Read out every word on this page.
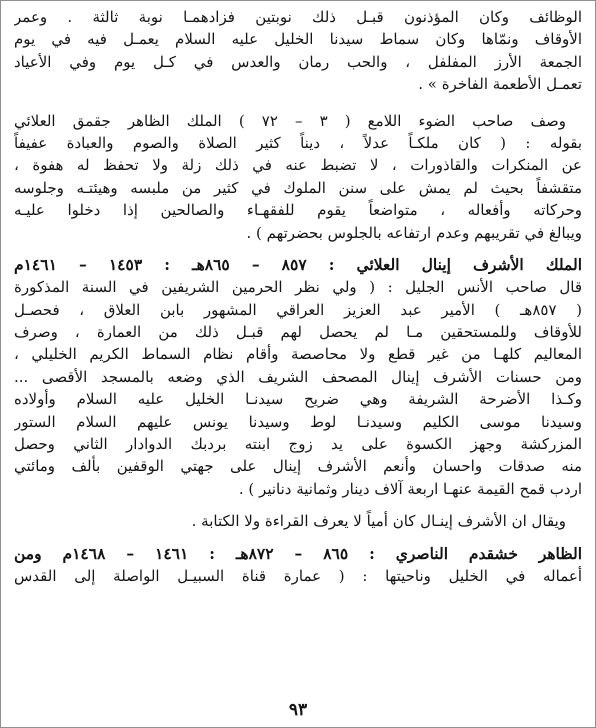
الوظائف وكان المؤذنون قبـل ذلك نوبتين فزادهمـا نوبة ثالثة . وعمر
الأوقاف ونمّاها وكان سماط سيدنا الخليل عليه السلام يعمـل فيه في يوم
الجمعة الأرز المفلفل ، والحب رمان والعدس في كـل يوم وفي الأعياد
تعمـل الأطعمة الفاخرة » .
وصف صاحب الضوء اللامع ( ٣ – ٧٢ ) الملك الظاهر جقمق العلائي
بقوله : ( كان ملكـاً عدلاً ، ديناً كثير الصلاة والصوم والعبادة عفيفاً
عن المنكرات والقاذورات ، لا تضبط عنه في ذلك زلة ولا تحفظ له هفوة ،
متقشفاً بحيث لم يمش على سنن الملوك في كثير من ملبسه وهيئتـه وجلوسه
وحركاته وأفعاله ، متواضعاً يقوم للفقهـاء والصالحين إذا دخلوا عليـه
ويبالغ في تقريبهم وعدم ارتفاعه بالجلوس بحضرتهم ) .
الملك الأشرف إينال العلائي : ٨٥٧ – ٨٦٥هـ : ١٤٥٣ – ١٤٦١م
قال صاحب الأنس الجليل : ( ولي نظر الحرمين الشريفين في السنة المذكورة
( ٨٥٧هـ ) الأمير عبد العزيز العراقي المشهور بابن العلاق ، فحصـل
للأوقاف وللمستحقين مـا لم يحصل لهم قبـل ذلك من العمارة ، وصرف
المعاليم كلهـا من غير قطع ولا محاصصة وأقام نظام السماط الكريم الخليلي ،
ومن حسنات الأشرف إينال المصحف الشريف الذي وضعه بالمسجد الأقصى ...
وكـذا الأضرحة الشريفة وهي ضريح سيدنـا الخليل عليه السلام وأولاده
وسيدنا موسى الكليم وسيدنـا لوط وسيدنا يونس عليهم السلام الستور
المزركشة وجهز الكسوة على يد زوج ابنته بردبك الدوادار الثاني وحصل
منه صدقات واحسان وأنعم الأشرف إينال على جهتي الوقفين بألف ومائتي
اردب قمح القيمة عنهـا اربعة آلاف دينار وثمانية دنانير ) .
ويقال ان الأشرف إينـال كان أمياً لا يعرف القراءة ولا الكتابة .
الظاهر خشقدم الناصري : ٨٦٥ – ٨٧٢هـ : ١٤٦١ – ١٤٦٨م ومن
أعماله في الخليل وناحيتها : ( عمارة قناة السبيـل الواصلة إلى القدس
٩٣
